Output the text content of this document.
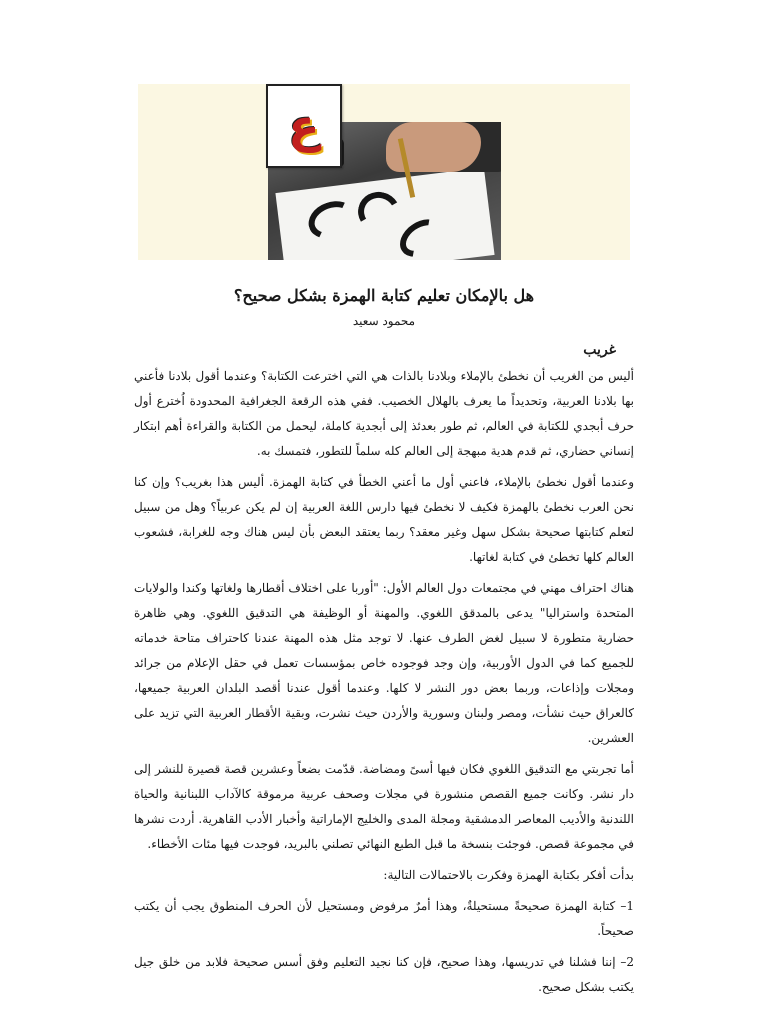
ع
هل بالإمكان تعليم كتابة الهمزة بشكل صحيح؟
محمود سعيد
غريب

أليس من الغريب أن نخطئ بالإملاء وبلادنا بالذات هي التي اخترعت الكتابة؟ وعندما أقول بلادنا فأعني بها بلادنا العربية، وتحديداً ما يعرف بالهلال الخصيب. ففي هذه الرقعة الجغرافية المحدودة اُخترع أول حرف أبجدي للكتابة في العالم، ثم طور بعدئذ إلى أبجدية كاملة، ليحمل من الكتابة والقراءة أهم ابتكار إنساني حضاري، ثم قدم هدية مبهجة إلى العالم كله سلماً للتطور، فتمسك به.

وعندما أقول نخطئ بالإملاء، فاعني أول ما أعني الخطأ في كتابة الهمزة. أليس هذا بغريب؟ وإن كنا نحن العرب نخطئ بالهمزة فكيف لا نخطئ فيها دارس اللغة العربية إن لم يكن عربياً؟ وهل من سبيل لتعلم كتابتها صحيحة بشكل سهل وغير معقد؟ ربما يعتقد البعض بأن ليس هناك وجه للغرابة، فشعوب العالم كلها تخطئ في كتابة لغاتها.

هناك احتراف مهني في مجتمعات دول العالم الأول: "أوربا على اختلاف أقطارها ولغاتها وكندا والولايات المتحدة واستراليا" يدعى بالمدقق اللغوي. والمهنة أو الوظيفة هي التدقيق اللغوي. وهي ظاهرة حضارية متطورة لا سبيل لغض الطرف عنها. لا توجد مثل هذه المهنة عندنا كاحتراف متاحة خدماته للجميع كما في الدول الأوربية، وإن وجد فوجوده خاص بمؤسسات تعمل في حقل الإعلام من جرائد ومجلات وإذاعات، وربما بعض دور النشر لا كلها. وعندما أقول عندنا أقصد البلدان العربية جميعها، كالعراق حيث نشأت، ومصر ولبنان وسورية والأردن حيث نشرت، وبقية الأقطار العربية التي تزيد على العشرين.

أما تجربتي مع التدقيق اللغوي فكان فيها أسىً ومضاضة. قدّمت بضعاً وعشرين قصة قصيرة للنشر إلى دار نشر. وكانت جميع القصص منشورة في مجلات وصحف عربية مرموقة كالآداب اللبنانية والحياة اللندنية والأديب المعاصر الدمشقية ومجلة المدى والخليج الإماراتية وأخبار الأدب القاهرية. أردت نشرها في مجموعة قصص. فوجئت بنسخة ما قبل الطبع النهائي تصلني بالبريد، فوجدت فيها مئات الأخطاء.

بدأت أفكر بكتابة الهمزة وفكرت بالاحتمالات التالية:

1– كتابة الهمزة صحيحةً مستحيلةٌ، وهذا أمرٌ مرفوض ومستحيل لأن الحرف المنطوق يجب أن يكتب صحيحاً.

2– إننا فشلنا في تدريسها، وهذا صحيح، فإن كنا نجيد التعليم وفق أسس صحيحة فلابد من خلق جيل يكتب بشكل صحيح.
